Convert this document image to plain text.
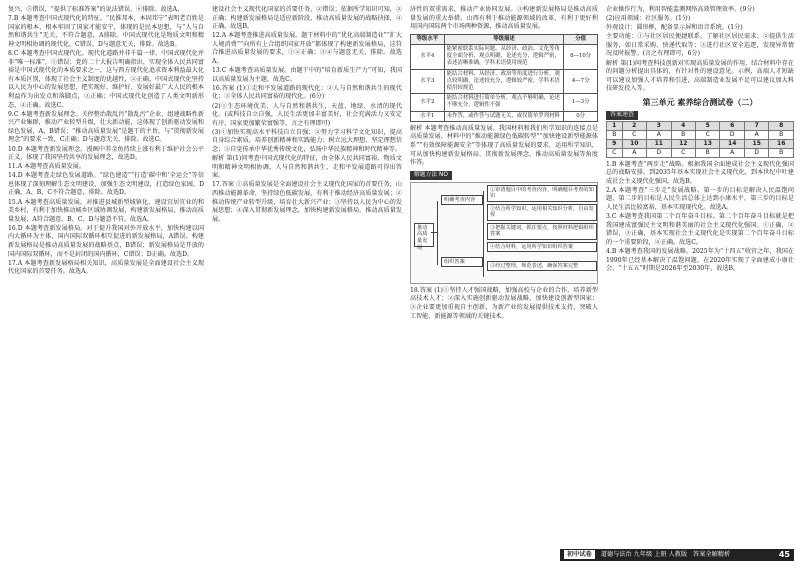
复兴，⑤错误，“提供了标准答案”的说法错误，⑥排除。故选A。

7.B 本题考查中国式现代化的特征。“民惟邦本，本固邦宁”表明老百姓是国家的根本，根本牢固了国家才能安宁，体现的是民本思想，与“人与自然和谐共生”无关，不符合题意，A排除。中国式现代化是物质文明和精神文明相协调的现代化，C错误。D与题意无关，排除。故选B。

8.C 本题考查中国式现代化。现代化道路并非千篇一律，中国式现代化并非“唯一标准”，①错误；党的二十大报告明确指出，实现全体人民共同富裕是中国式现代化的本质要求之一，这与西方现代化追求资本利益最大化有本质区别，体现了社会主义制度的优越性，②正确。中国式现代化坚持以人民为中心的发展思想，把实现好、维护好、发展好最广大人民的根本利益作为出发点和落脚点，③正确；中国式现代化创造了人类文明新形态，④正确。故选C。

9.C 本题考查新发展理念。关停整治散乱污“散乱污”企业，组建战略性新兴产业集群，推动产业转型升级，壮大新动能，这体现了创新驱动发展和绿色发展，A、B错误；“推动高质量发展”是题干的主旨，与“贯彻新发展理念”的要求一致，C正确；D与题意无关，排除。故选C。

10.D 本题考查新发展理念。漫画中养金鱼持续上涨有利于维护社会公平正义，体现了我国坚持共享的发展理念，故选D。

11.A 本题考查高质量发展。

14.D 本题考查走绿色发展道路。“绿色建造”“打造‘碳中和’全运会”等信息体现了深刻理解生态文明建设，加强生态文明建设，打造绿色家园，D正确，A、B、C不符合题意，排除。故选D。

15.A 本题考查高质量发展。对推进县城新型城镇化，建设宜居宜业的和美乡村，有利于加快推动城乡区域协调发展，构建新发展格局，推动高质量发展，A符合题意。B、C、D与题意不符。故选A。

16.D 本题考查新发展格局。对于提升我国对外开放水平，加快构建以国内大循环为主体、国内国际双循环相互促进的新发展格局，A错误。构建新发展格局是推动高质量发展的战略基点，B错误；新发展格局是开放的国内国际双循环，而不是封闭的国内循环，C错误；D正确。故选D。

17.A 本题考查新发展格局相关知识，高质量发展是全面建设社会主义现代化国家的首要任务。故选A。

建设社会主义现代化国家的首要任务，②错误；依据所学知识可知，②正确；构建新发展格局是适应新阶段、推动高质量发展的战略抉择，④正确。故选B。

12.A 本题考查推进高质量发展。题干材料中的“优化高端制造业”“扩大人境消费”“向所有上合组织国家开放”都体现了构建新发展格局，这符合推进高质量发展的要求，①②正确；③④与题意无关，排除。故选A。

13.C 本题考查高质量发展。由题干中的“培育新质生产力”可知，我国以高质量发展为主题，故选C。

16.答案 (1)①走和平发展道路的现代化；②人与自然和谐共生的现代化；③全体人民共同富裕的现代化。(6分)

(2)①生态环境优美，人与自然和谐共生，天蓝、地绿、水清的现代化。(或科技自立自强，人民生活更加丰富美好，社会充满活力又安定有序，国家更加繁荣富强等，言之有理即可)

(3)①加快实现高水平科技自立自强；②努力学习科学文化知识，提高自身综合素质，培养创新精神和实践能力；树立远大理想，坚定理想信念；③自觉传承中华优秀传统文化，弘扬中华民族精神和时代精神等。

解析 第(1)问考查中国式现代化的特征，由全体人民共同富裕、物质文明和精神文明相协调、人与自然和谐共生、走和平发展道路可得出答案。

17.答案 ①高质量发展是全面建设社会主义现代化国家的首要任务，山西推动能源革命，坚持绿色低碳发展，有利于推动经济高质量发展；②推动传统产业转型升级，培育壮大新兴产业；③坚持以人民为中心的发展思想；④深入贯彻新发展理念，加快构建新发展格局，推动高质量发展。

济性的双重需求，推动产业协同发展。③构建新发展格局是推动高质量发展的重大举措。山西有利于推动能源领域的改革，有利于更好利用国内国际两个市场两种资源，推动高质量发展。

等级水平	等级描述	分值
水平4	能紧密联系实际问题，从经济、政治、文化等角度全面分析，观点明确，论述充分，逻辑严密，表述清晰准确，学科术语使用规范	8—10分
水平3	能结合材料，从经济、政治等角度进行分析，观点较明确，论述较充分，逻辑较严密，学科术语使用较规范	4—7分
水平2	能结合材料进行简单分析，观点不够明确，论述不够充分，逻辑性不强	1—3分
水平1	未作答，或作答与试题无关，或仅简单罗列材料	0分

解析 本题考查推动高质量发展。我国材料和我们所学知识的连接点是高质量发展。材料中的“推动能源绿色低碳转型”“加快建设新型能源体系”“有效保障能源安全”等体现了高质量发展的要求，运用所学知识，可从加快构建新发展格局、贯彻新发展理念、推动高质量发展等角度作答。

解题方法 NO
推动高质量发展
明确考查内容
组织答案
①审清题目中的考查内容，明确题目考查的知识
②结合所学知识，运用相关知识分析，自由发挥
③把握关键词，抓住要点，按照材料逻辑组织答案
④结合材料，运用所学知识组织答案
⑤经过整理，规范表述，确保答案完整

18.答案 (1)①坚持人才强国战略，加强高校与企业的合作，培养新型高技术人才；②深入实施创新驱动发展战略，加快建设创新型国家；③企业要更加重视自主创新，为新产业的发展提供技术支持，突破人工智能、新能源等领域的关键技术。

企业操作行为，利用智能监测网络高效管理效率。(9分)

(2)应用领域：社区服务。(1分)

外观设计：圆形框，配备显示屏和语音系统。(1分)

主要功能：①与社区居民便捷联系，了解社区居民需求；②提供生活服务，如日常采购、快递代取等；③进行社区安全巡逻，发现异常情况及时报警。(言之有理即可，6分)

解析 第(1)问考查科技创新对实现高质量发展的作用，结合材料中存在的问题分析提出具体的，有针对性的建设意见。示例，高端人才短缺可以建议加强人才培养和引进，高端制造业发展不足可以建议加大科技研发投入等。

第三单元 素养综合测试卷（二）
答案速查
1	2	3	4	5	6	7	8
B	C	A	B	C	D	A	B
9	10	11	12	13	14	15	16
C	A	D	C	B	A	D	B

1.B 本题考查“两步走”战略。根据我国全面建成社会主义现代化强国总的战略安排，到2035年基本实现社会主义现代化，到本世纪中叶建成社会主义现代化强国，故选B。

2.A 本题考查“三步走”发展战略。第一步的目标是解决人民温饱问题，第二步的目标是人民生活总体上达到小康水平，第三步的目标是人民生活比较富裕，基本实现现代化。故选A。

3.C 本题考查我国第二个百年奋斗目标。第二个百年奋斗目标就是把我国建成富强民主文明和谐美丽的社会主义现代化强国。①正确，②错误，③正确，基本实现社会主义现代化是实现第二个百年奋斗目标的一个重要阶段，④正确。故选C。

4.B 本题考查我国的发展战略。2025年为“十四五”收官之年，我国在1990年已经基本解决了温饱问题，在2020年实现了全面建成小康社会，“十五五”时期是2026年至2030年，故选B。

初中试卷 道德与法治 九年级 上册 人教版 答案全解精析	45
